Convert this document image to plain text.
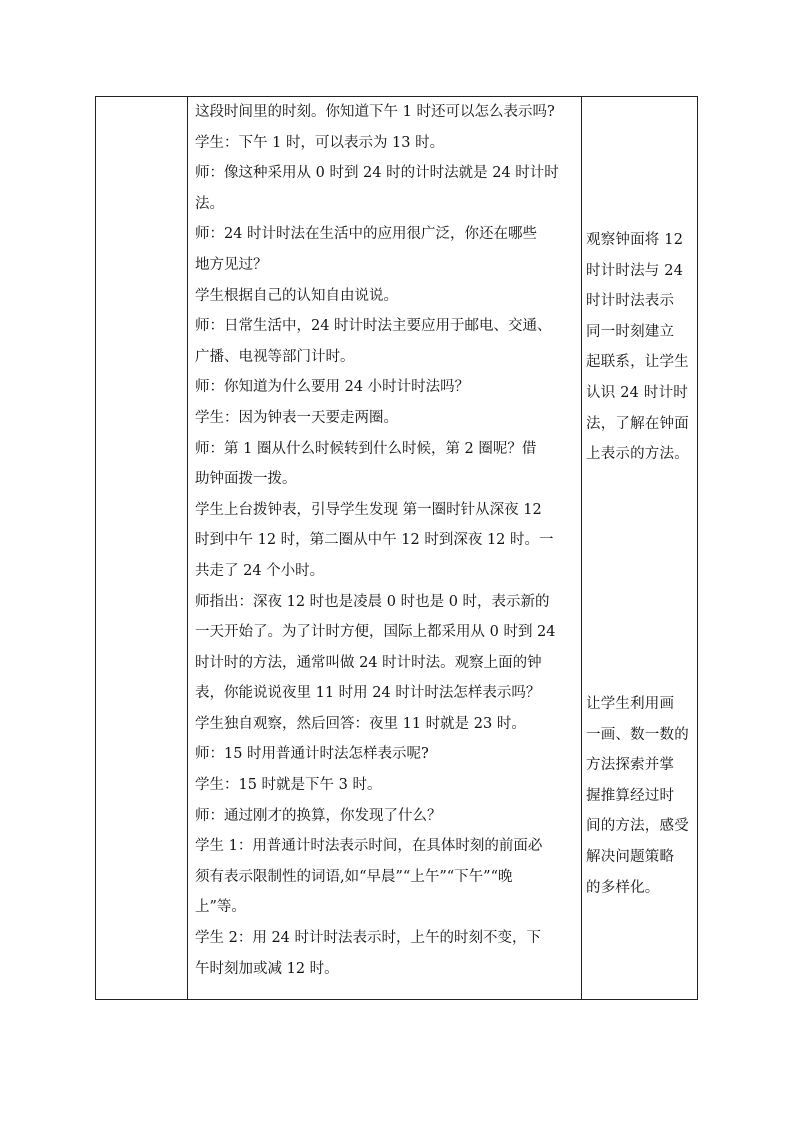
这段时间里的时刻。你知道下午 1 时还可以怎么表示吗?

学生：下午 1 时，可以表示为 13 时。

师：像这种采用从 0 时到 24 时的计时法就是 24 时计时

法。

师：24 时计时法在生活中的应用很广泛，你还在哪些

地方见过？

学生根据自己的认知自由说说。

师：日常生活中，24 时计时法主要应用于邮电、交通、

广播、电视等部门计时。

师：你知道为什么要用 24 小时计时法吗？

学生：因为钟表一天要走两圈。

师：第 1 圈从什么时候转到什么时候，第 2 圈呢？借

助钟面拨一拨。

学生上台拨钟表，引导学生发现 第一圈时针从深夜 12

时到中午 12 时，第二圈从中午 12 时到深夜 12 时。一

共走了 24 个小时。

师指出：深夜 12 时也是凌晨 0 时也是 0 时，表示新的

一天开始了。为了计时方便，国际上都采用从 0 时到 24

时计时的方法，通常叫做 24 时计时法。观察上面的钟

表，你能说说夜里 11 时用 24 时计时法怎样表示吗？

学生独自观察，然后回答：夜里 11 时就是 23 时。

师：15 时用普通计时法怎样表示呢?

学生：15 时就是下午 3 时。

师：通过刚才的换算，你发现了什么？

学生 1：用普通计时法表示时间，在具体时刻的前面必

须有表示限制性的词语,如“早晨”“上午”“下午”“晚

上”等。

学生 2：用 24 时计时法表示时，上午的时刻不变，下

午时刻加或减 12 时。

观察钟面将 12

时计时法与 24

时计时法表示

同一时刻建立

起联系，让学生

认识 24 时计时

法，了解在钟面

上表示的方法。

让学生利用画

一画、数一数的

方法探索并掌

握推算经过时

间的方法，感受

解决问题策略

的多样化。
